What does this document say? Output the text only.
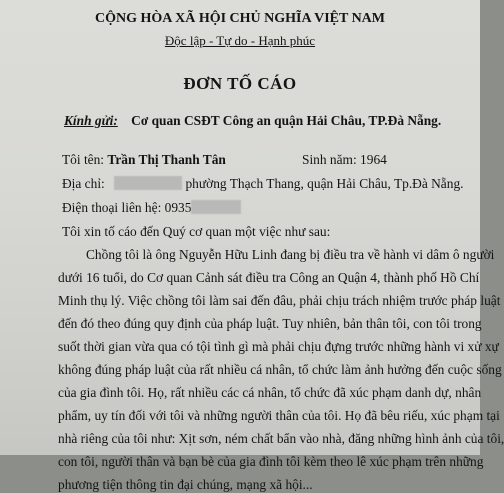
CỘNG HÒA XÃ HỘI CHỦ NGHĨA VIỆT NAM
Độc lập - Tự do - Hạnh phúc
ĐƠN TỐ CÁO
Kính gửi: Cơ quan CSĐT Công an quận Hải Châu, TP.Đà Nẵng.
Tôi tên: Trần Thị Thanh Tân	Sinh năm: 1964
Địa chỉ:	phường Thạch Thang, quận Hải Châu, Tp.Đà Nẵng.
Điện thoại liên hệ: 0935
Tôi xin tố cáo đến Quý cơ quan một việc như sau:
Chồng tôi là ông Nguyễn Hữu Linh đang bị điều tra về hành vi dâm ô người
dưới 16 tuổi, do Cơ quan Cảnh sát điều tra Công an Quận 4, thành phố Hồ Chí
Minh thụ lý. Việc chồng tôi làm sai đến đâu, phải chịu trách nhiệm trước pháp luật
đến đó theo đúng quy định của pháp luật. Tuy nhiên, bản thân tôi, con tôi trong
suốt thời gian vừa qua có tội tình gì mà phải chịu đựng trước những hành vi xử xự
không đúng pháp luật của rất nhiều cá nhân, tổ chức làm ảnh hưởng đến cuộc sống
của gia đình tôi. Họ, rất nhiều các cá nhân, tổ chức đã xúc phạm danh dự, nhân
phẩm, uy tín đối với tôi và những người thân của tôi. Họ đã bêu riếu, xúc phạm tại
nhà riêng của tôi như: Xịt sơn, ném chất bẩn vào nhà, đăng những hình ảnh của tôi,
con tôi, người thân và bạn bè của gia đình tôi kèm theo lê xúc phạm trên những
phương tiện thông tin đại chúng, mạng xã hội...
